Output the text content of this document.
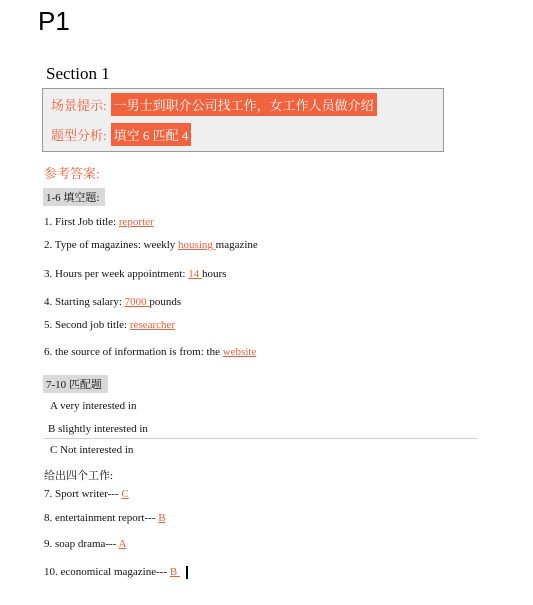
P1
Section 1
场景提示: 一男士到职介公司找工作，女工作人员做介绍
题型分析: 填空 6 匹配 4
参考答案:
1-6 填空题:
1. First Job title: reporter
2. Type of magazines: weekly housing magazine
3. Hours per week appointment: 14 hours
4. Starting salary: 7000 pounds
5. Second job title: researcher
6. the source of information is from: the website
7-10 匹配题
A very interested in
B slightly interested in
C Not interested in
给出四个工作:
7. Sport writer--- C
8. entertainment report--- B
9. soap drama--- A
10. economical magazine--- B
